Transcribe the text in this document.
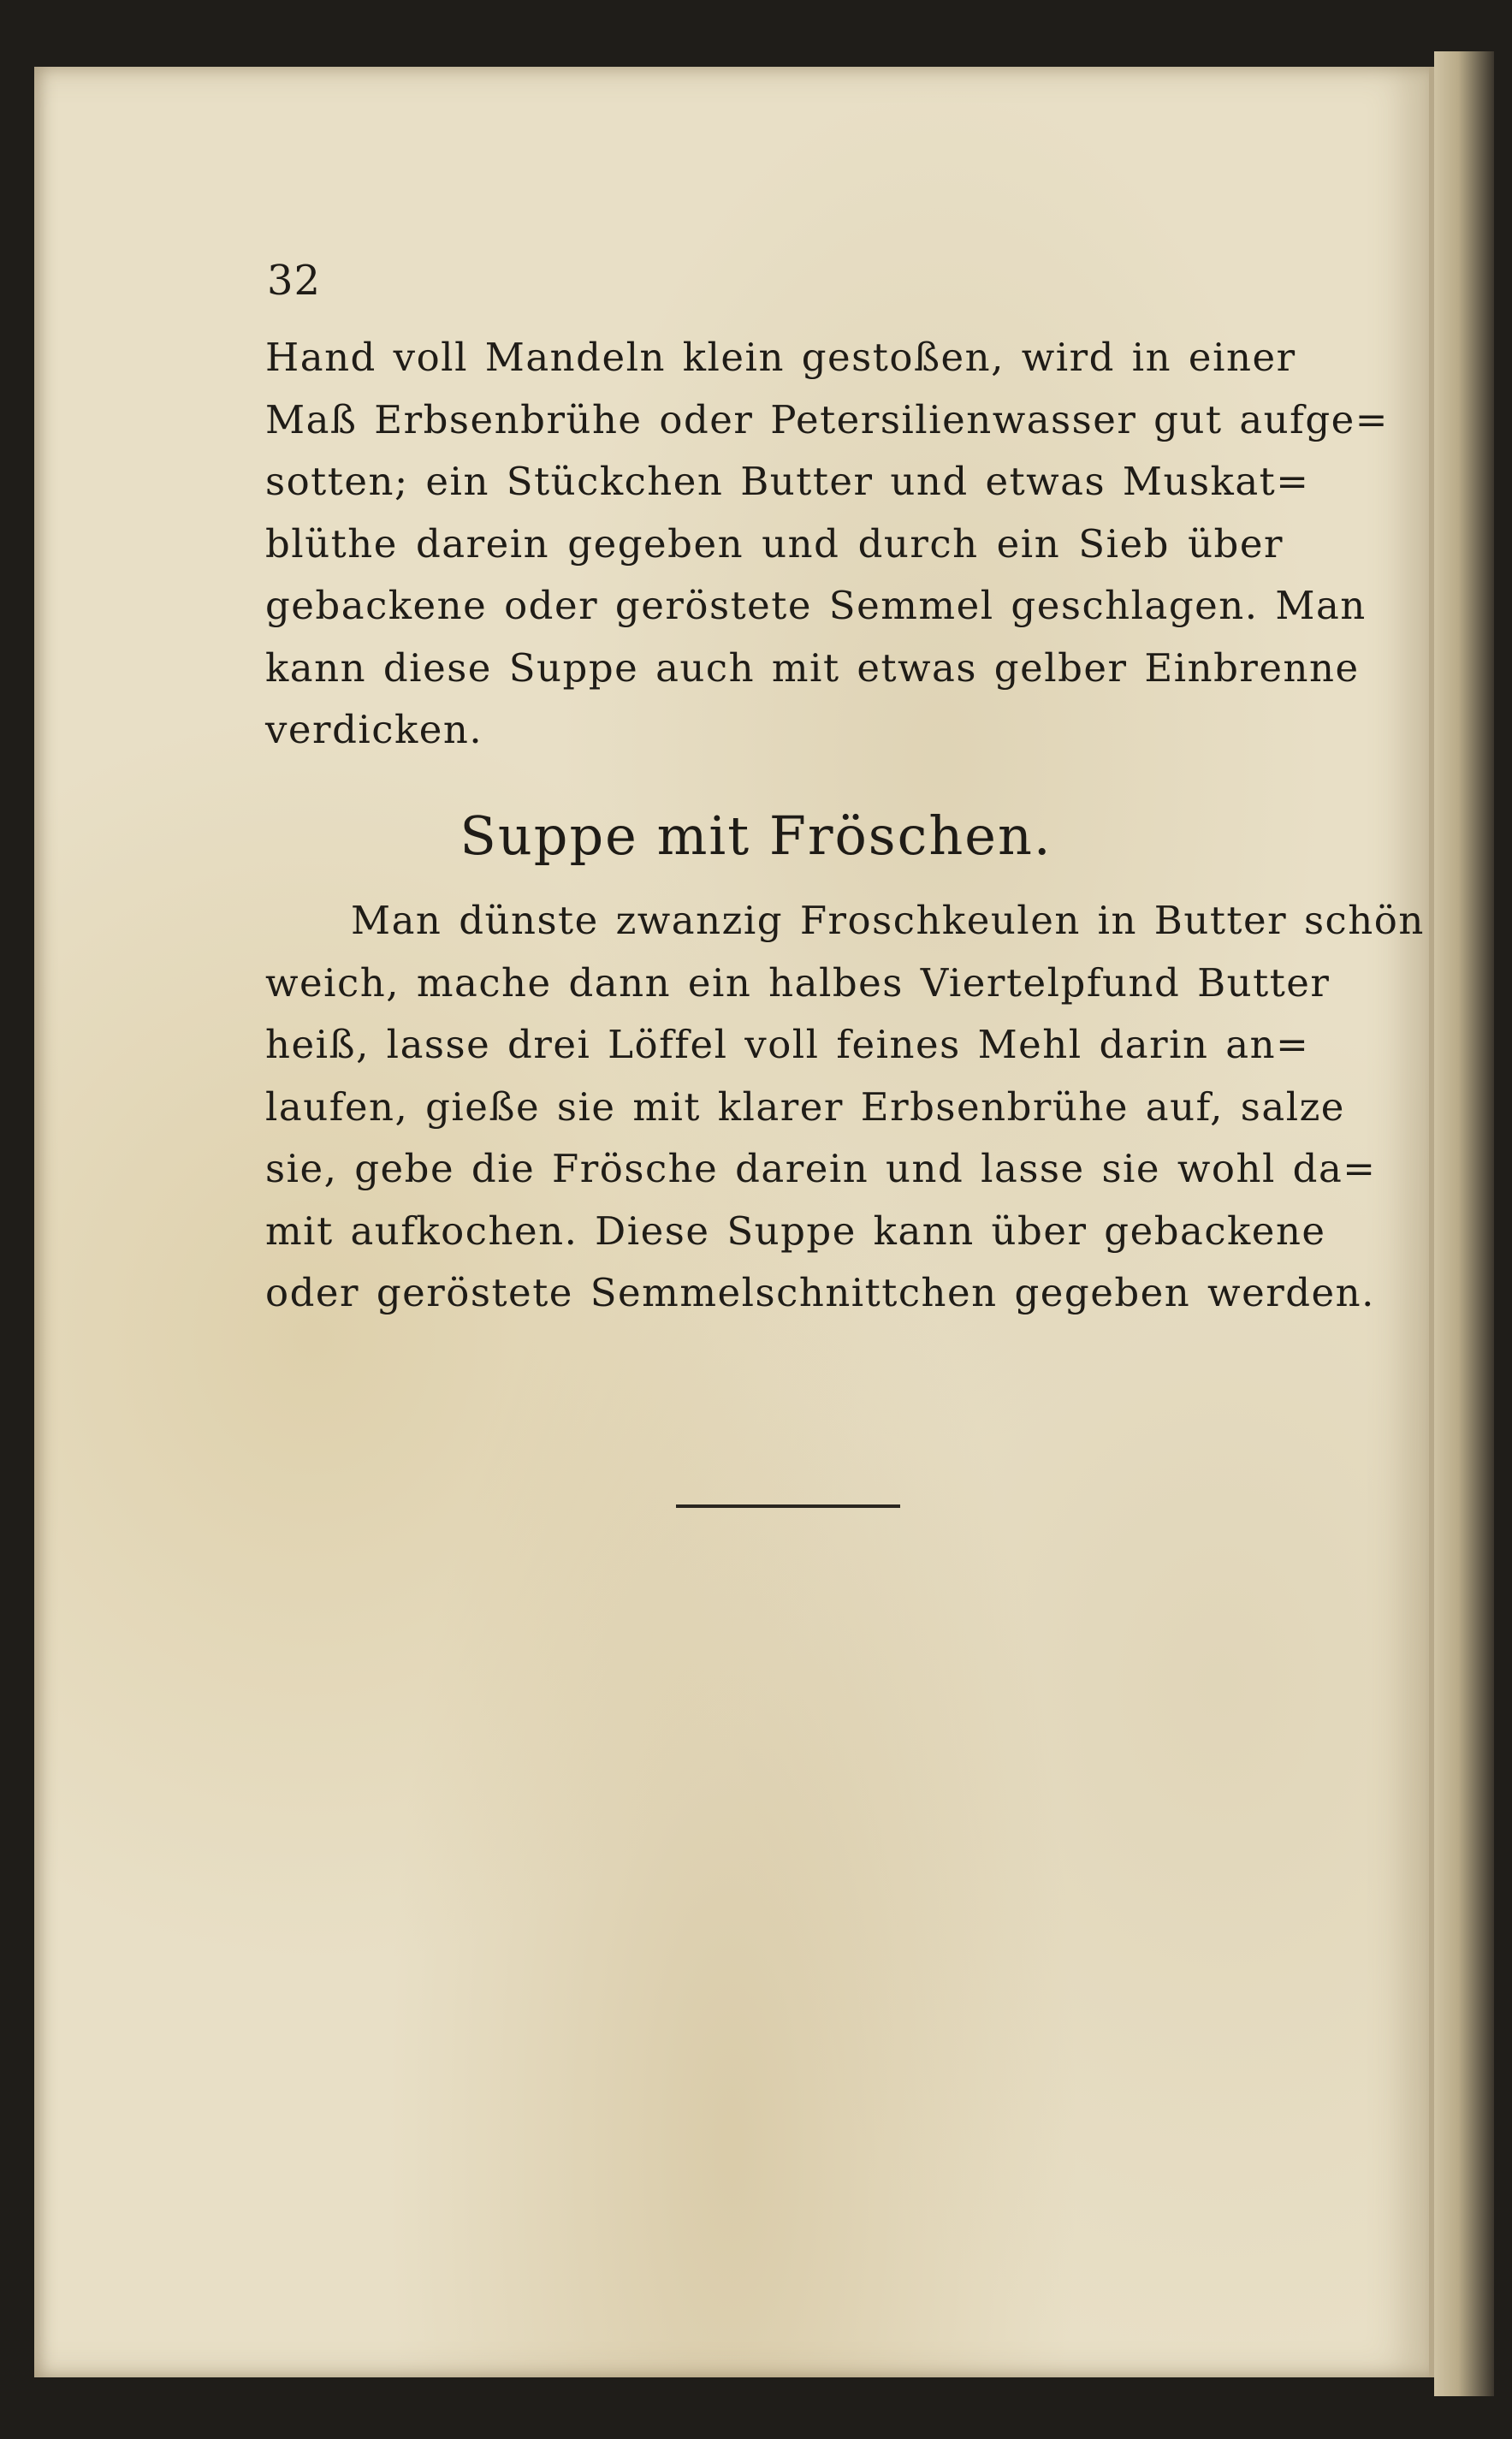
32
Hand voll Mandeln klein gestoßen, wird in einer
Maß Erbsenbrühe oder Petersilienwasser gut aufge=
sotten; ein Stückchen Butter und etwas Muskat=
blüthe darein gegeben und durch ein Sieb über
gebackene oder geröstete Semmel geschlagen. Man
kann diese Suppe auch mit etwas gelber Einbrenne
verdicken.
Suppe mit Fröschen.
Man dünste zwanzig Froschkeulen in Butter schön
weich, mache dann ein halbes Viertelpfund Butter
heiß, lasse drei Löffel voll feines Mehl darin an=
laufen, gieße sie mit klarer Erbsenbrühe auf, salze
sie, gebe die Frösche darein und lasse sie wohl da=
mit aufkochen. Diese Suppe kann über gebackene
oder geröstete Semmelschnittchen gegeben werden.
